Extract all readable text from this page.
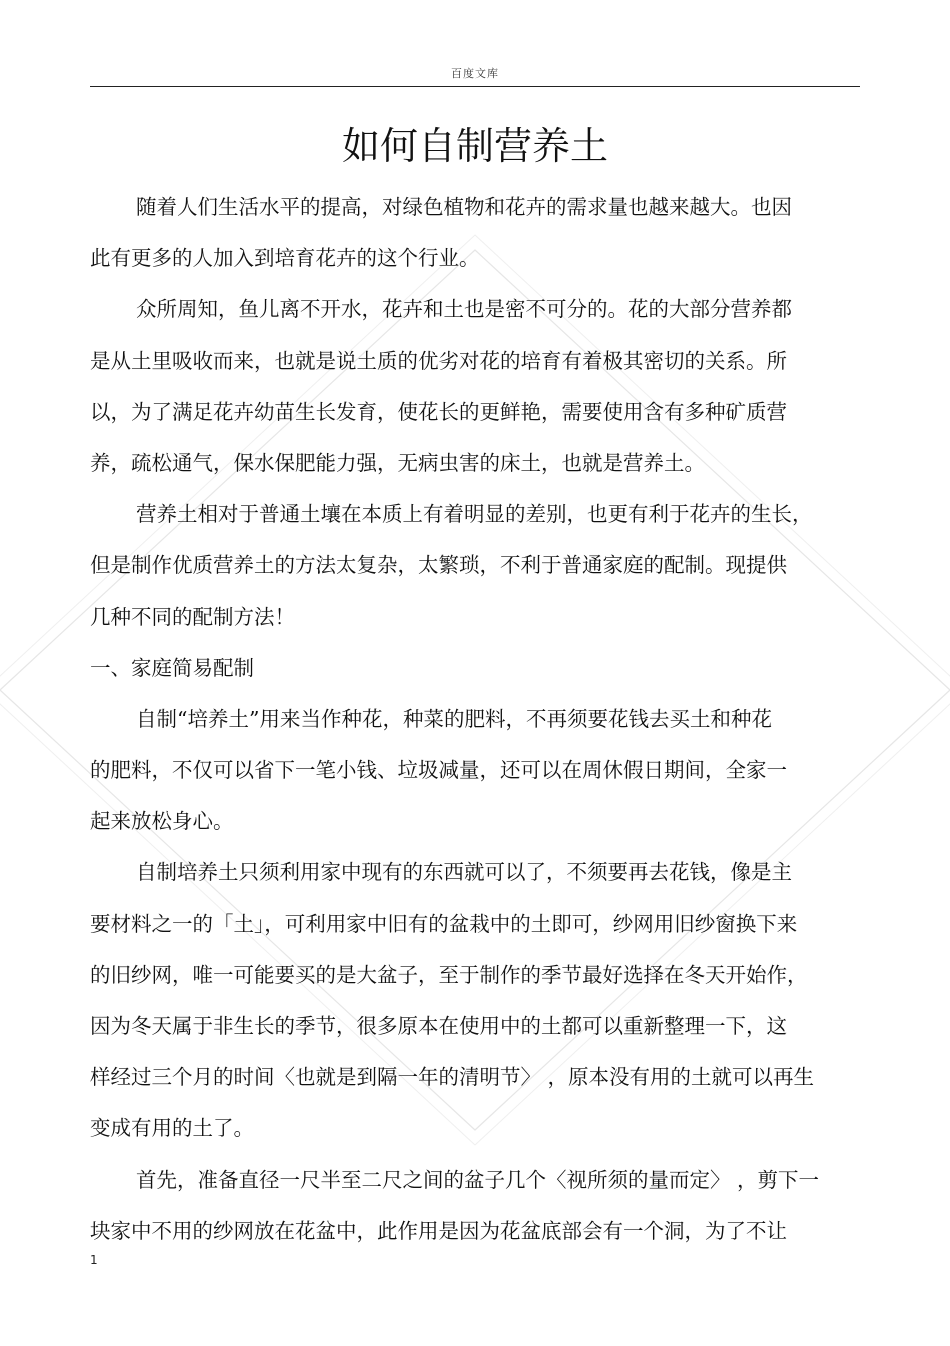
百度文库
如何自制营养土
随着人们生活水平的提高，对绿色植物和花卉的需求量也越来越大。也因
此有更多的人加入到培育花卉的这个行业。
众所周知，鱼儿离不开水，花卉和土也是密不可分的。花的大部分营养都
是从土里吸收而来，也就是说土质的优劣对花的培育有着极其密切的关系。所
以，为了满足花卉幼苗生长发育，使花长的更鲜艳，需要使用含有多种矿质营
养，疏松通气，保水保肥能力强，无病虫害的床土，也就是营养土。
营养土相对于普通土壤在本质上有着明显的差别，也更有利于花卉的生长，
但是制作优质营养土的方法太复杂，太繁琐，不利于普通家庭的配制。现提供
几种不同的配制方法！
一、家庭简易配制
自制“培养土”用来当作种花，种菜的肥料，不再须要花钱去买土和种花
的肥料，不仅可以省下一笔小钱、垃圾减量，还可以在周休假日期间，全家一
起来放松身心。
自制培养土只须利用家中现有的东西就可以了，不须要再去花钱，像是主
要材料之一的「土」，可利用家中旧有的盆栽中的土即可，纱网用旧纱窗换下来
的旧纱网，唯一可能要买的是大盆子，至于制作的季节最好选择在冬天开始作，
因为冬天属于非生长的季节，很多原本在使用中的土都可以重新整理一下，这
样经过三个月的时间〈也就是到隔一年的清明节〉 ，原本没有用的土就可以再生
变成有用的土了。
首先，准备直径一尺半至二尺之间的盆子几个〈视所须的量而定〉 ，剪下一
块家中不用的纱网放在花盆中，此作用是因为花盆底部会有一个洞，为了不让
1
